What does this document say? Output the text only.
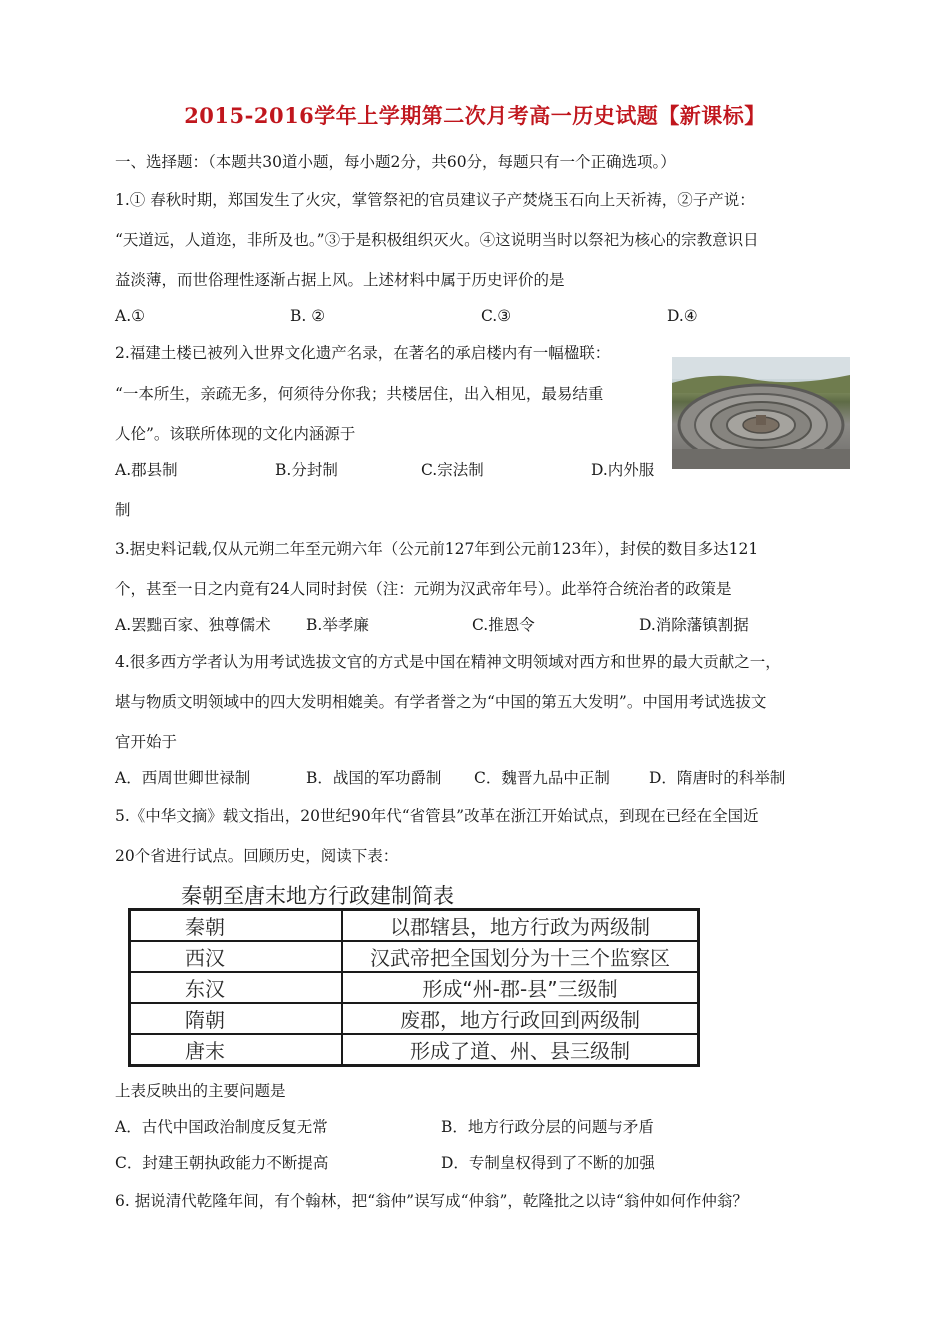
2015-2016学年上学期第二次月考高一历史试题【新课标】
一、选择题：（本题共30道小题，每小题2分，共60分，每题只有一个正确选项。）
1.① 春秋时期，郑国发生了火灾，掌管祭祀的官员建议子产焚烧玉石向上天祈祷，②子产说：
“天道远，人道迩，非所及也。”③于是积极组织灭火。④这说明当时以祭祀为核心的宗教意识日
益淡薄，而世俗理性逐渐占据上风。上述材料中属于历史评价的是
A.①	B. ②	C.③	D.④
2.福建土楼已被列入世界文化遗产名录，在著名的承启楼内有一幅楹联：
“一本所生，亲疏无多，何须待分你我；共楼居住，出入相见，最易结重
人伦”。该联所体现的文化内涵源于
A.郡县制	B.分封制	C.宗法制	D.内外服
制
3.据史料记载,仅从元朔二年至元朔六年（公元前127年到公元前123年），封侯的数目多达121
个，甚至一日之内竟有24人同时封侯（注：元朔为汉武帝年号）。此举符合统治者的政策是
A.罢黜百家、独尊儒术 B.举孝廉	C.推恩令	D.消除藩镇割据
4.很多西方学者认为用考试选拔文官的方式是中国在精神文明领域对西方和世界的最大贡献之一，
堪与物质文明领域中的四大发明相媲美。有学者誉之为“中国的第五大发明”。中国用考试选拔文
官开始于
A．西周世卿世禄制	B．战国的军功爵制 C．魏晋九品中正制	D．隋唐时的科举制
5.《中华文摘》载文指出，20世纪90年代“省管县”改革在浙江开始试点，到现在已经在全国近
20个省进行试点。回顾历史，阅读下表：
秦朝至唐末地方行政建制简表
秦朝	以郡辖县，地方行政为两级制
西汉	汉武帝把全国划分为十三个监察区
东汉	形成“州-郡-县”三级制
隋朝	废郡，地方行政回到两级制
唐末	形成了道、州、县三级制
上表反映出的主要问题是
A．古代中国政治制度反复无常	B．地方行政分层的问题与矛盾
C．封建王朝执政能力不断提高	D．专制皇权得到了不断的加强
6. 据说清代乾隆年间，有个翰林，把“翁仲”误写成“仲翁”，乾隆批之以诗“翁仲如何作仲翁？
